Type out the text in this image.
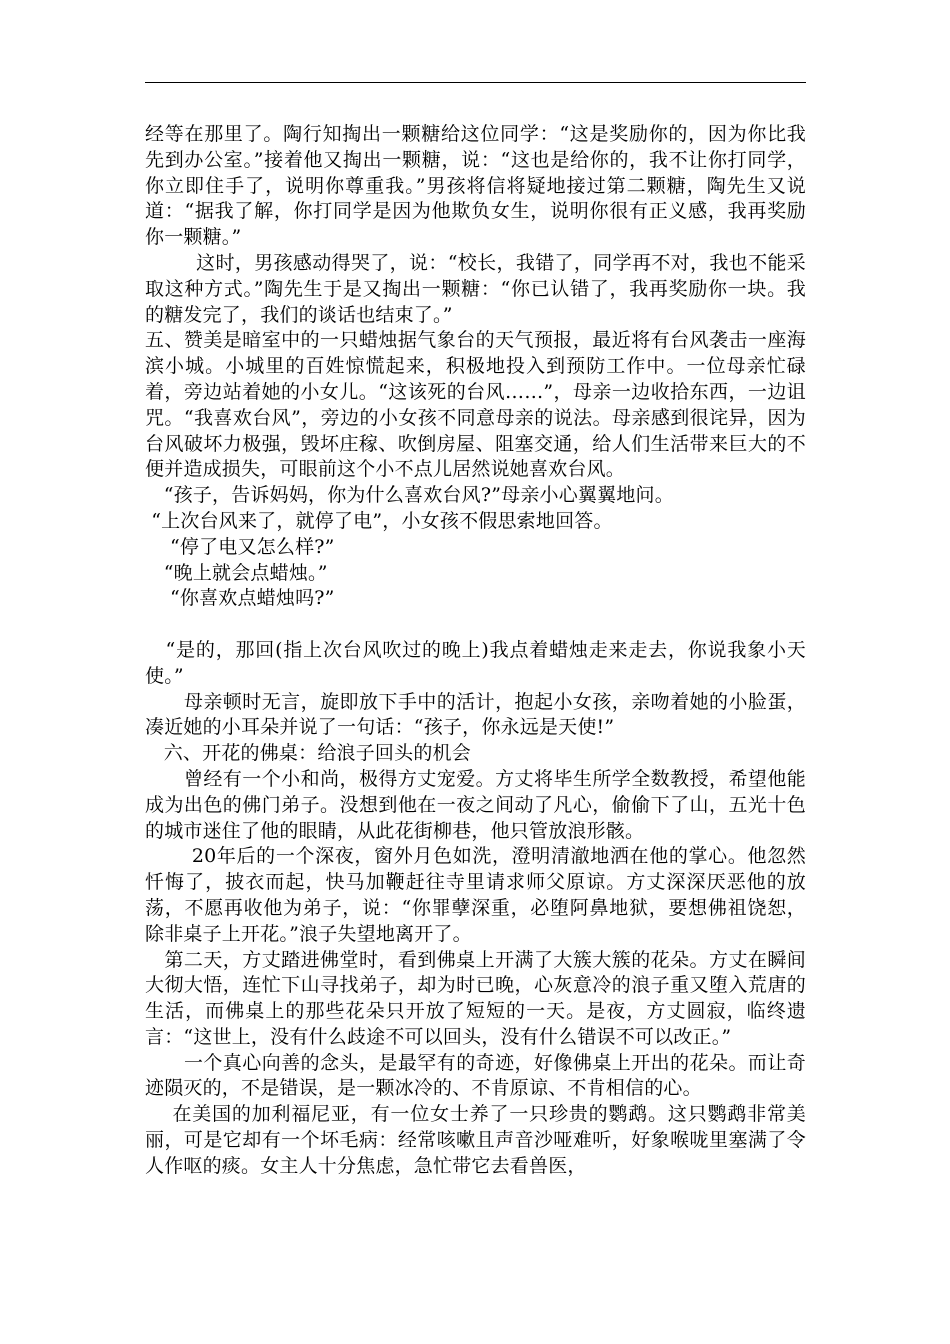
经等在那里了。陶行知掏出一颗糖给这位同学：“这是奖励你的，因为你比我先到办公室。”接着他又掏出一颗糖，说：“这也是给你的，我不让你打同学，你立即住手了，说明你尊重我。”男孩将信将疑地接过第二颗糖，陶先生又说道：“据我了解，你打同学是因为他欺负女生，说明你很有正义感，我再奖励你一颗糖。”

这时，男孩感动得哭了，说：“校长，我错了，同学再不对，我也不能采取这种方式。”陶先生于是又掏出一颗糖：“你已认错了，我再奖励你一块。我的糖发完了，我们的谈话也结束了。”

五、赞美是暗室中的一只蜡烛据气象台的天气预报，最近将有台风袭击一座海滨小城。小城里的百姓惊慌起来，积极地投入到预防工作中。一位母亲忙碌着，旁边站着她的小女儿。“这该死的台风……”，母亲一边收拾东西，一边诅咒。“我喜欢台风”，旁边的小女孩不同意母亲的说法。母亲感到很诧异，因为台风破坏力极强，毁坏庄稼、吹倒房屋、阻塞交通，给人们生活带来巨大的不便并造成损失，可眼前这个小不点儿居然说她喜欢台风。

“孩子，告诉妈妈，你为什么喜欢台风?”母亲小心翼翼地问。

“上次台风来了，就停了电”，小女孩不假思索地回答。

“停了电又怎么样?”

“晚上就会点蜡烛。”

“你喜欢点蜡烛吗?”

“是的，那回(指上次台风吹过的晚上)我点着蜡烛走来走去，你说我象小天使。”

母亲顿时无言，旋即放下手中的活计，抱起小女孩，亲吻着她的小脸蛋，凑近她的小耳朵并说了一句话：“孩子，你永远是天使!”

六、开花的佛桌：给浪子回头的机会

曾经有一个小和尚，极得方丈宠爱。方丈将毕生所学全数教授，希望他能成为出色的佛门弟子。没想到他在一夜之间动了凡心，偷偷下了山，五光十色的城市迷住了他的眼睛，从此花街柳巷，他只管放浪形骸。

20年后的一个深夜，窗外月色如洗，澄明清澈地洒在他的掌心。他忽然忏悔了，披衣而起，快马加鞭赶往寺里请求师父原谅。方丈深深厌恶他的放荡，不愿再收他为弟子，说：“你罪孽深重，必堕阿鼻地狱，要想佛祖饶恕，除非桌子上开花。”浪子失望地离开了。

第二天，方丈踏进佛堂时，看到佛桌上开满了大簇大簇的花朵。方丈在瞬间大彻大悟，连忙下山寻找弟子，却为时已晚，心灰意冷的浪子重又堕入荒唐的生活，而佛桌上的那些花朵只开放了短短的一天。是夜，方丈圆寂，临终遗言：“这世上，没有什么歧途不可以回头，没有什么错误不可以改正。”

一个真心向善的念头，是最罕有的奇迹，好像佛桌上开出的花朵。而让奇迹陨灭的，不是错误，是一颗冰冷的、不肯原谅、不肯相信的心。

在美国的加利福尼亚，有一位女士养了一只珍贵的鹦鹉。这只鹦鹉非常美丽，可是它却有一个坏毛病：经常咳嗽且声音沙哑难听，好象喉咙里塞满了令人作呕的痰。女主人十分焦虑，急忙带它去看兽医，
